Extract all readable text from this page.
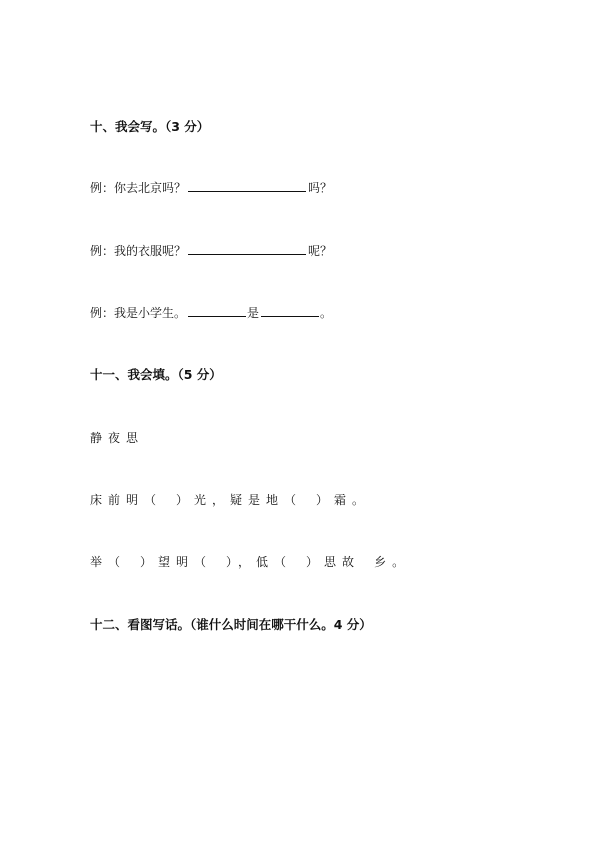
十、我会写。（3 分）
例：你去北京吗？	吗？
例：我的衣服呢？	呢？
例：我是小学生。	是	。
十一、我会填。（5 分）
静夜思
床前明（ ）光，疑是地（ ）霜。
举（ ）望明（ ），低（ ）思故 乡。
十二、看图写话。（谁什么时间在哪干什么。4 分）
